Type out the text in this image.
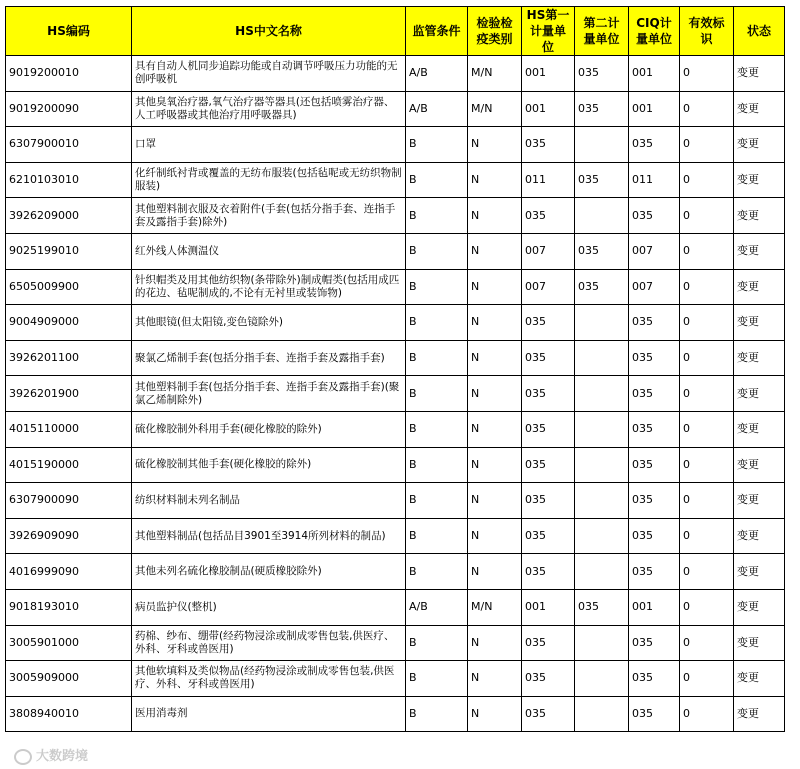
HS编码	HS中文名称	监管条件	检验检疫类别	HS第一计量单位	第二计量单位	CIQ计量单位	有效标识	状态
9019200010	具有自动人机同步追踪功能或自动调节呼吸压力功能的无创呼吸机	A/B	M/N	001	035	001	0	变更
9019200090	其他臭氧治疗器,氧气治疗器等器具(还包括喷雾治疗器、人工呼吸器或其他治疗用呼吸器具)	A/B	M/N	001	035	001	0	变更
6307900010	口罩	B	N	035		035	0	变更
6210103010	化纤制纸衬背或覆盖的无纺布服装(包括毡呢或无纺织物制服装)	B	N	011	035	011	0	变更
3926209000	其他塑料制衣服及衣着附件(手套(包括分指手套、连指手套及露指手套)除外)	B	N	035		035	0	变更
9025199010	红外线人体测温仪	B	N	007	035	007	0	变更
6505009900	针织帽类及用其他纺织物(条带除外)制成帽类(包括用成匹的花边、毡呢制成的,不论有无衬里或装饰物)	B	N	007	035	007	0	变更
9004909000	其他眼镜(但太阳镜,变色镜除外)	B	N	035		035	0	变更
3926201100	聚氯乙烯制手套(包括分指手套、连指手套及露指手套)	B	N	035		035	0	变更
3926201900	其他塑料制手套(包括分指手套、连指手套及露指手套)(聚氯乙烯制除外)	B	N	035		035	0	变更
4015110000	硫化橡胶制外科用手套(硬化橡胶的除外)	B	N	035		035	0	变更
4015190000	硫化橡胶制其他手套(硬化橡胶的除外)	B	N	035		035	0	变更
6307900090	纺织材料制未列名制品	B	N	035		035	0	变更
3926909090	其他塑料制品(包括品目3901至3914所列材料的制品)	B	N	035		035	0	变更
4016999090	其他未列名硫化橡胶制品(硬质橡胶除外)	B	N	035		035	0	变更
9018193010	病员监护仪(整机)	A/B	M/N	001	035	001	0	变更
3005901000	药棉、纱布、绷带(经药物浸涂或制成零售包装,供医疗、外科、牙科或兽医用)	B	N	035		035	0	变更
3005909000	其他软填料及类似物品(经药物浸涂或制成零售包装,供医疗、外科、牙科或兽医用)	B	N	035		035	0	变更
3808940010	医用消毒剂	B	N	035		035	0	变更
大数跨境
